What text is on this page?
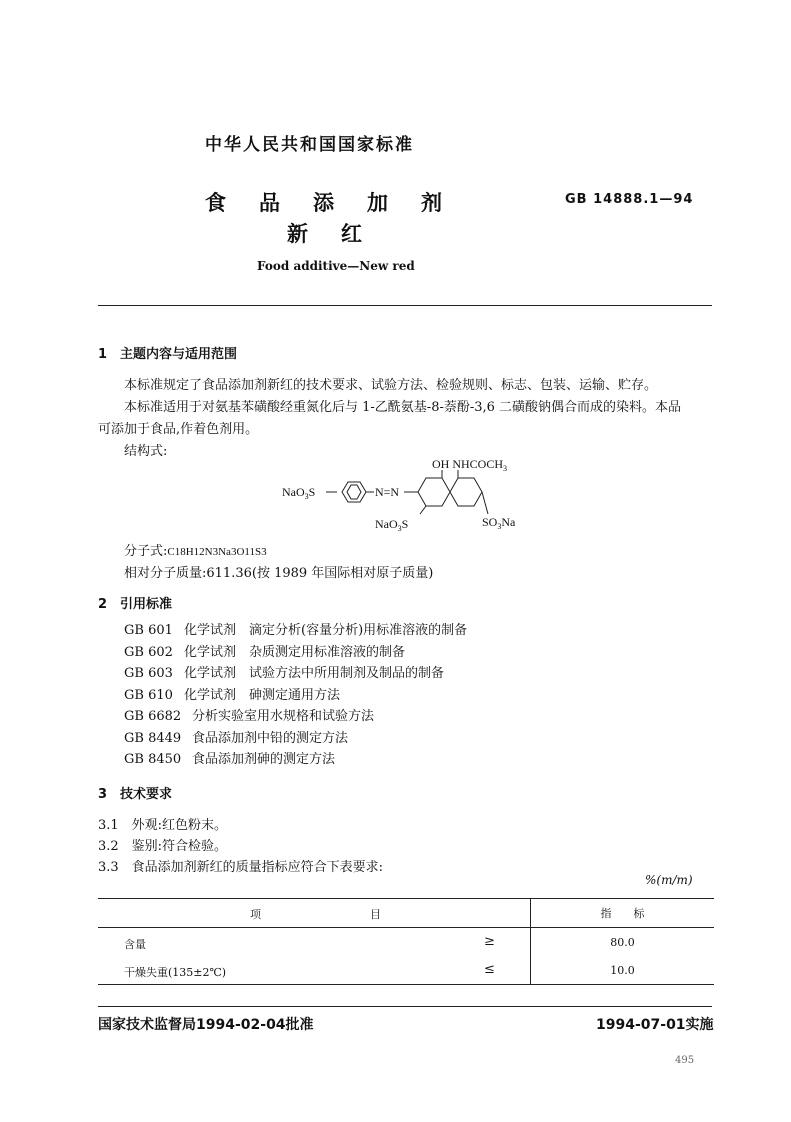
中华人民共和国国家标准
食　品　添　加　剂
新　红
GB 14888.1—94
Food additive—New red
1　主题内容与适用范围
本标准规定了食品添加剂新红的技术要求、试验方法、检验规则、标志、包装、运输、贮存。
本标准适用于对氨基苯磺酸经重氮化后与 1-乙酰氨基-8-萘酚-3,6 二磺酸钠偶合而成的染料。本品
可添加于食品,作着色剂用。
结构式:
OH $NHCOCH_3$
NaO$_3$S	N=N
NaO$_3$S	$SO_3Na$
分子式:C18H12N3Na3O11S3
相对分子质量:611.36(按 1989 年国际相对原子质量)
2　引用标准
GB 601 化学试剂　滴定分析(容量分析)用标准溶液的制备
GB 602 化学试剂　杂质测定用标准溶液的制备
GB 603 化学试剂　试验方法中所用制剂及制品的制备
GB 610 化学试剂　砷测定通用方法
GB 6682 分析实验室用水规格和试验方法
GB 8449 食品添加剂中铅的测定方法
GB 8450 食品添加剂砷的测定方法
3　技术要求
3.1　外观:红色粉末。
3.2　鉴别:符合检验。
3.3　食品添加剂新红的质量指标应符合下表要求:
%(m/m)
项 目	指　　标

含量 ≥	80.0

干燥失重(135±2℃) ≤	10.0
国家技术监督局1994-02-04批准	1994-07-01实施
495
